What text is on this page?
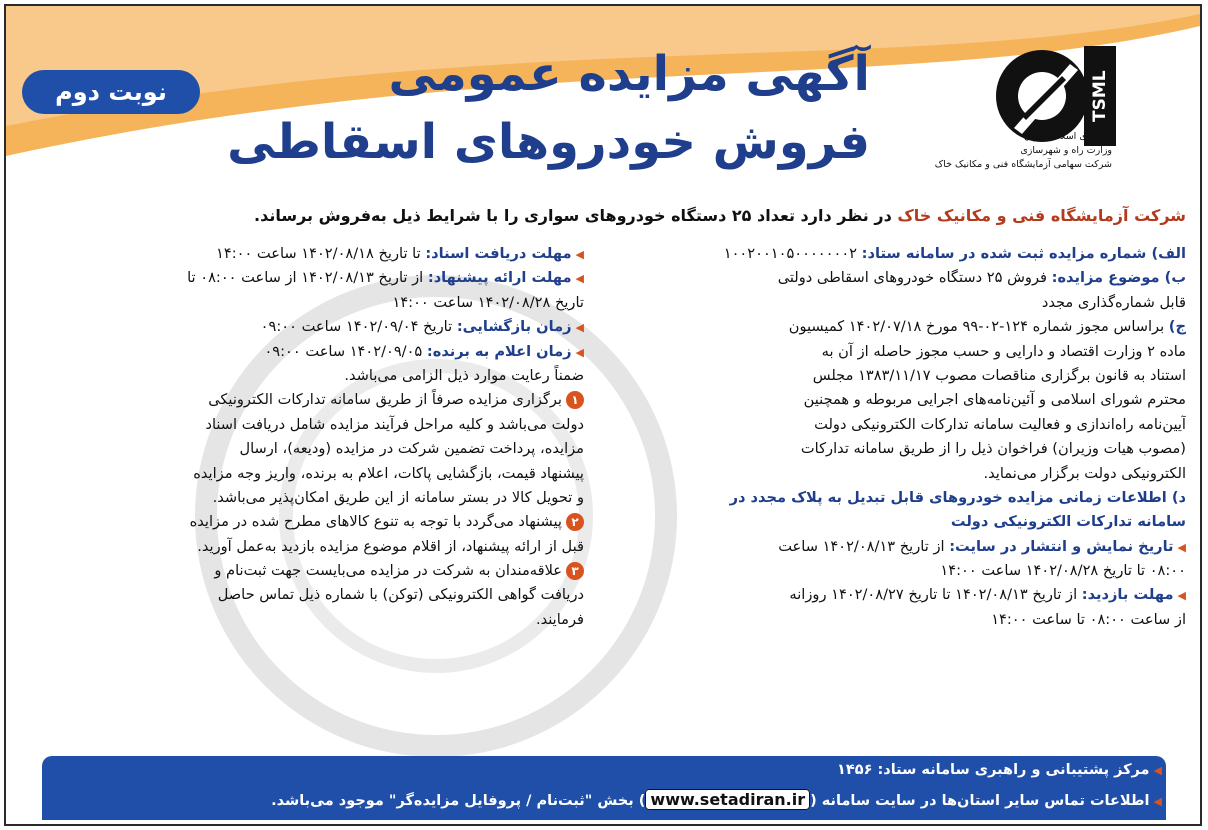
نوبت دوم	آگهی مزایده عمومی
فروش خودروهای اسقاطی
TSML
جمهوری اسلامی ایران
وزارت راه و شهرسازی
شرکت سهامی آزمایشگاه فنی و مکانیک خاک
شرکت آزمایشگاه فنی و مکانیک خاک در نظر دارد تعداد ۲۵ دستگاه خودروهای سواری را با شرایط ذیل به‌فروش برساند.
الف) شماره مزایده ثبت شده در سامانه ستاد: ۱۰۰۲۰۰۱۰۵۰۰۰۰۰۰۰۲
ب) موضوع مزایده: فروش ۲۵ دستگاه خودروهای اسقاطی دولتی
قابل شماره‌گذاری مجدد
ج) براساس مجوز شماره ۱۲۴-۰۲-۹۹ مورخ ۱۴۰۲/۰۷/۱۸ کمیسیون
ماده ۲ وزارت اقتصاد و دارایی و حسب مجوز حاصله از آن به
استناد به قانون برگزاری مناقصات مصوب ۱۳۸۳/۱۱/۱۷ مجلس
محترم شورای اسلامی و آئین‌نامه‌های اجرایی مربوطه و همچنین
آیین‌نامه راه‌اندازی و فعالیت سامانه تدارکات الکترونیکی دولت
(مصوب هیات وزیران) فراخوان ذیل را از طریق سامانه تدارکات
الکترونیکی دولت برگزار می‌نماید.
د) اطلاعات زمانی مزایده خودروهای قابل تبدیل به پلاک مجدد در
سامانه تدارکات الکترونیکی دولت
◀تاریخ نمایش و انتشار در سایت: از تاریخ ۱۴۰۲/۰۸/۱۳ ساعت
۰۸:۰۰ تا تاریخ ۱۴۰۲/۰۸/۲۸ ساعت ۱۴:۰۰
◀مهلت بازدید: از تاریخ ۱۴۰۲/۰۸/۱۳ تا تاریخ ۱۴۰۲/۰۸/۲۷ روزانه
از ساعت ۰۸:۰۰ تا ساعت ۱۴:۰۰
◀مهلت دریافت اسناد: تا تاریخ ۱۴۰۲/۰۸/۱۸ ساعت ۱۴:۰۰
◀مهلت ارائه پیشنهاد: از تاریخ ۱۴۰۲/۰۸/۱۳ از ساعت ۰۸:۰۰ تا
تاریخ ۱۴۰۲/۰۸/۲۸ ساعت ۱۴:۰۰
◀زمان بازگشایی: تاریخ ۱۴۰۲/۰۹/۰۴ ساعت ۰۹:۰۰
◀زمان اعلام به برنده: ۱۴۰۲/۰۹/۰۵ ساعت ۰۹:۰۰
ضمناً رعایت موارد ذیل الزامی می‌باشد.
۱برگزاری مزایده صرفاً از طریق سامانه تدارکات الکترونیکی
دولت می‌باشد و کلیه مراحل فرآیند مزایده شامل دریافت اسناد
مزایده، پرداخت تضمین شرکت در مزایده (ودیعه)، ارسال
پیشنهاد قیمت، بازگشایی پاکات، اعلام به برنده، واریز وجه مزایده
و تحویل کالا در بستر سامانه از این طریق امکان‌پذیر می‌باشد.
۲پیشنهاد می‌گردد با توجه به تنوع کالاهای مطرح شده در مزایده
قبل از ارائه پیشنهاد، از اقلام موضوع مزایده بازدید به‌عمل آورید.
۳علاقه‌مندان به شرکت در مزایده می‌بایست جهت ثبت‌نام و
دریافت گواهی الکترونیکی (توکن) با شماره ذیل تماس حاصل
فرمایند.
◀مرکز پشتیبانی و راهبری سامانه ستاد: ۱۴۵۶
◀اطلاعات تماس سایر استان‌ها در سایت سامانه (www.setadiran.ir) بخش "ثبت‌نام / پروفایل مزایده‌گر" موجود می‌باشد.
